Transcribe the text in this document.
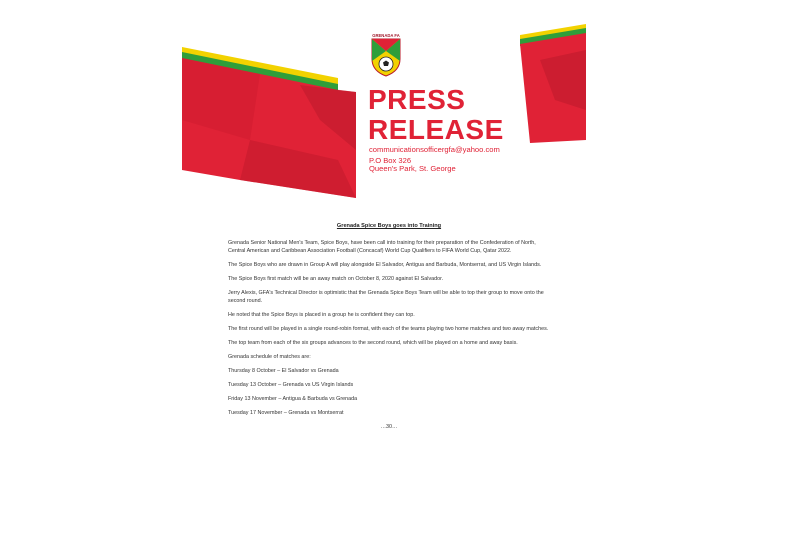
GRENADA FA
PRESS
RELEASE
communicationsofficergfa@yahoo.com
P.O Box 326
Queen's Park, St. George
Grenada Spice Boys goes into Training

Grenada Senior National Men's Team, Spice Boys, have been call into training for their preparation of the Confederation of North, Central American and Caribbean Association Football (Concacaf) World Cup Qualifiers to FIFA World Cup, Qatar 2022.

The Spice Boys who are drawn in Group A will play alongside El Salvador, Antigua and Barbuda, Montserrat, and US Virgin Islands.

The Spice Boys first match will be an away match on October 8, 2020 against El Salvador.

Jerry Alexis, GFA's Technical Director is optimistic that the Grenada Spice Boys Team will be able to top their group to move onto the second round.

He noted that the Spice Boys is placed in a group he is confident they can top.

The first round will be played in a single round-robin format, with each of the teams playing two home matches and two away matches.

The top team from each of the six groups advances to the second round, which will be played on a home and away basis.

Grenada schedule of matches are:

Thursday 8 October – El Salvador vs Grenada
Tuesday 13 October – Grenada vs US Virgin Islands
Friday 13 November – Antigua & Barbuda vs Grenada
Tuesday 17 November – Grenada vs Montserrat
…30…
